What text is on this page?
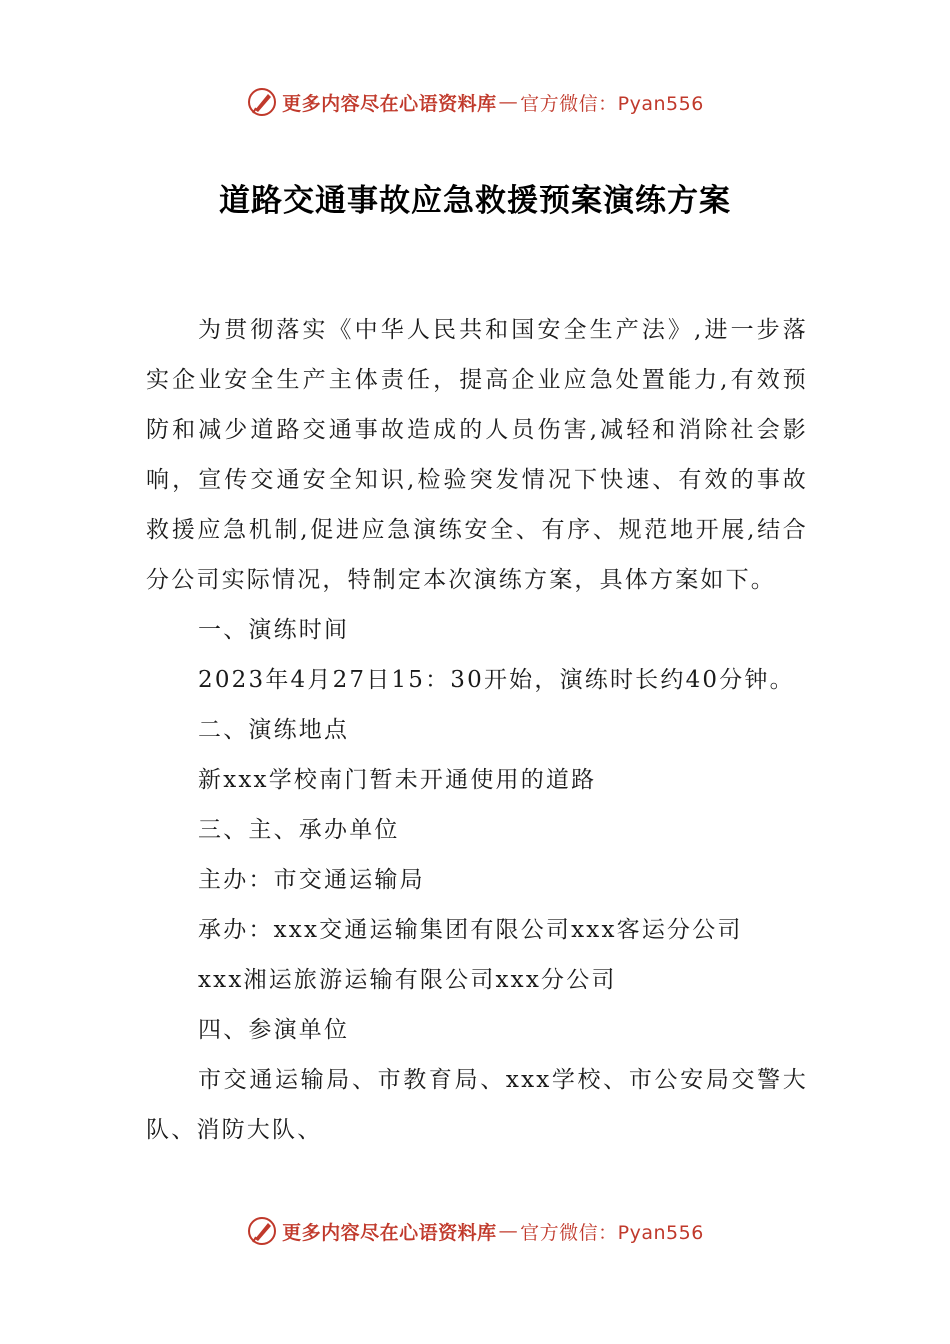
更多内容尽在心语资料库 — 官方微信：Pyan556
道路交通事故应急救援预案演练方案

为贯彻落实《中华人民共和国安全生产法》,进一步落实企业安全生产主体责任，提高企业应急处置能力,有效预防和减少道路交通事故造成的人员伤害,减轻和消除社会影响，宣传交通安全知识,检验突发情况下快速、有效的事故救援应急机制,促进应急演练安全、有序、规范地开展,结合分公司实际情况，特制定本次演练方案，具体方案如下。

一、演练时间

2023年4月27日15：30开始，演练时长约40分钟。

二、演练地点

新xxx学校南门暂未开通使用的道路

三、主、承办单位

主办：市交通运输局

承办：xxx交通运输集团有限公司xxx客运分公司

xxx湘运旅游运输有限公司xxx分公司

四、参演单位

市交通运输局、市教育局、xxx学校、市公安局交警大队、消防大队、

更多内容尽在心语资料库 — 官方微信：Pyan556
